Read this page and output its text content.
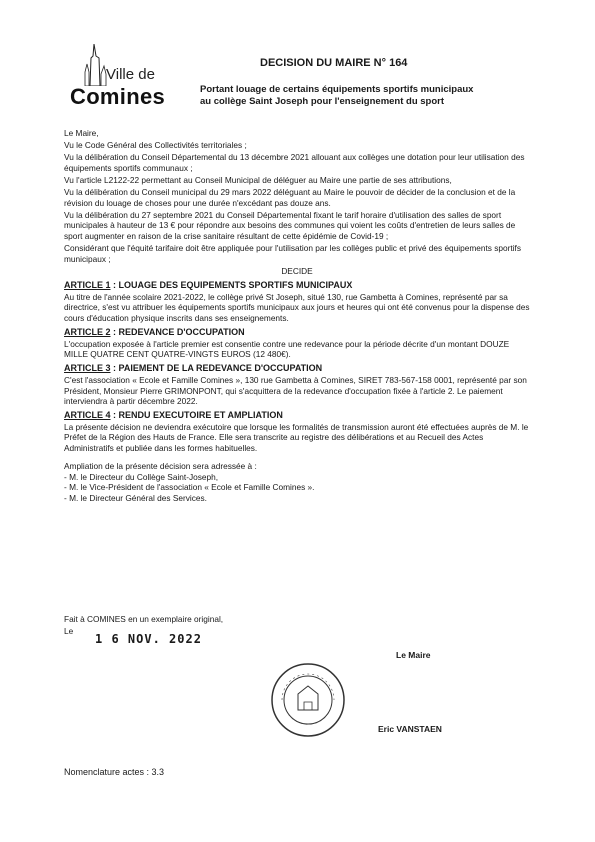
Ville de
Comines
DECISION DU MAIRE N° 164
Portant louage de certains équipements sportifs municipaux
au collège Saint Joseph pour l'enseignement du sport

Le Maire,

Vu le Code Général des Collectivités territoriales ;

Vu la délibération du Conseil Départemental du 13 décembre 2021 allouant aux collèges une dotation pour leur utilisation des équipements sportifs communaux ;

Vu l'article L2122-22 permettant au Conseil Municipal de déléguer au Maire une partie de ses attributions,

Vu la délibération du Conseil municipal du 29 mars 2022 déléguant au Maire le pouvoir de décider de la conclusion et de la révision du louage de choses pour une durée n'excédant pas douze ans.

Vu la délibération du 27 septembre 2021 du Conseil Départemental fixant le tarif horaire d'utilisation des salles de sport municipales à hauteur de 13 € pour répondre aux besoins des communes qui voient les coûts d'entretien de leurs salles de sport augmenter en raison de la crise sanitaire résultant de cette épidémie de Covid-19 ;

Considérant que l'équité tarifaire doit être appliquée pour l'utilisation par les collèges public et privé des équipements sportifs municipaux ;

DECIDE

ARTICLE 1 : LOUAGE DES EQUIPEMENTS SPORTIFS MUNICIPAUX

Au titre de l'année scolaire 2021-2022, le collège privé St Joseph, situé 130, rue Gambetta à Comines, représenté par sa directrice, s'est vu attribuer les équipements sportifs municipaux aux jours et heures qui ont été convenus pour la dispense des cours d'éducation physique inscrits dans ses enseignements.

ARTICLE 2 : REDEVANCE D'OCCUPATION

L'occupation exposée à l'article premier est consentie contre une redevance pour la période décrite d'un montant DOUZE MILLE QUATRE CENT QUATRE-VINGTS EUROS (12 480€).

ARTICLE 3 : PAIEMENT DE LA REDEVANCE D'OCCUPATION

C'est l'association « Ecole et Famille Comines », 130 rue Gambetta à Comines, SIRET 783-567-158 0001, représenté par son Président, Monsieur Pierre GRIMONPONT, qui s'acquittera de la redevance d'occupation fixée à l'article 2. Le paiement interviendra à partir décembre 2022.

ARTICLE 4 : RENDU EXECUTOIRE ET AMPLIATION

La présente décision ne deviendra exécutoire que lorsque les formalités de transmission auront été effectuées auprès de M. le Préfet de la Région des Hauts de France. Elle sera transcrite au registre des délibérations et au Recueil des Actes Administratifs et publiée dans les formes habituelles.

Ampliation de la présente décision sera adressée à :

- M. le Directeur du Collège Saint-Joseph,

- M. le Vice-Président de l'association « Ecole et Famille Comines ».

- M. le Directeur Général des Services.

Fait à COMINES en un exemplaire original,
Le
1 6 NOV. 2022
Le Maire
Eric VANSTAEN
Nomenclature actes : 3.3
